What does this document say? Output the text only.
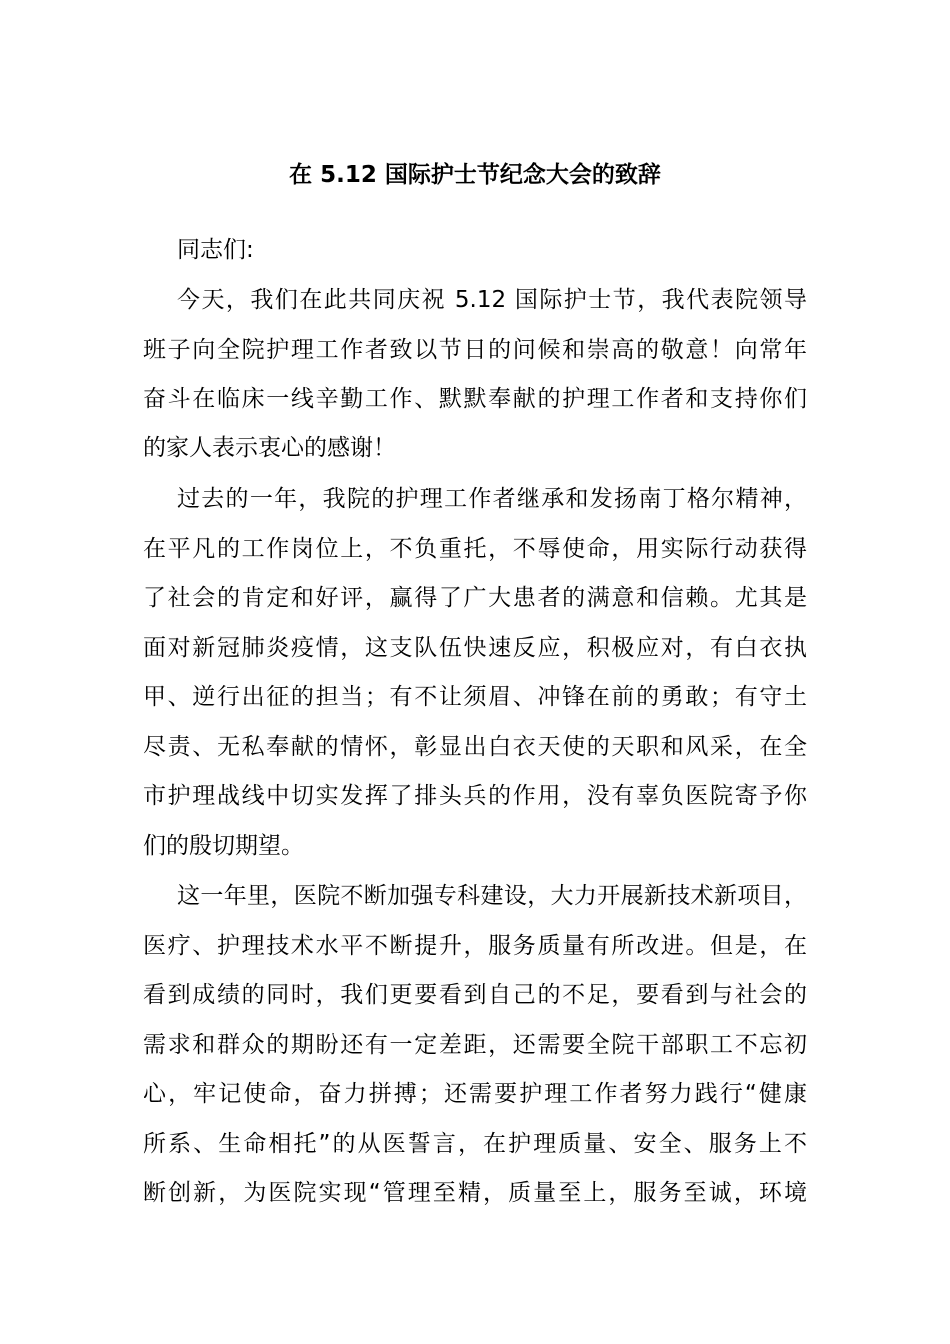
在 5.12 国际护士节纪念大会的致辞

同志们:

今天，我们在此共同庆祝 5.12 国际护士节，我代表院领导

班子向全院护理工作者致以节日的问候和崇高的敬意！向常年

奋斗在临床一线辛勤工作、默默奉献的护理工作者和支持你们

的家人表示衷心的感谢！

过去的一年，我院的护理工作者继承和发扬南丁格尔精神，

在平凡的工作岗位上，不负重托，不辱使命，用实际行动获得

了社会的肯定和好评，赢得了广大患者的满意和信赖。尤其是

面对新冠肺炎疫情，这支队伍快速反应，积极应对，有白衣执

甲、逆行出征的担当；有不让须眉、冲锋在前的勇敢；有守土

尽责、无私奉献的情怀，彰显出白衣天使的天职和风采，在全

市护理战线中切实发挥了排头兵的作用，没有辜负医院寄予你

们的殷切期望。

这一年里，医院不断加强专科建设，大力开展新技术新项目，

医疗、护理技术水平不断提升，服务质量有所改进。但是，在

看到成绩的同时，我们更要看到自己的不足，要看到与社会的

需求和群众的期盼还有一定差距，还需要全院干部职工不忘初

心，牢记使命，奋力拼搏；还需要护理工作者努力践行“健康

所系、生命相托”的从医誓言，在护理质量、安全、服务上不

断创新，为医院实现“管理至精，质量至上，服务至诚，环境
